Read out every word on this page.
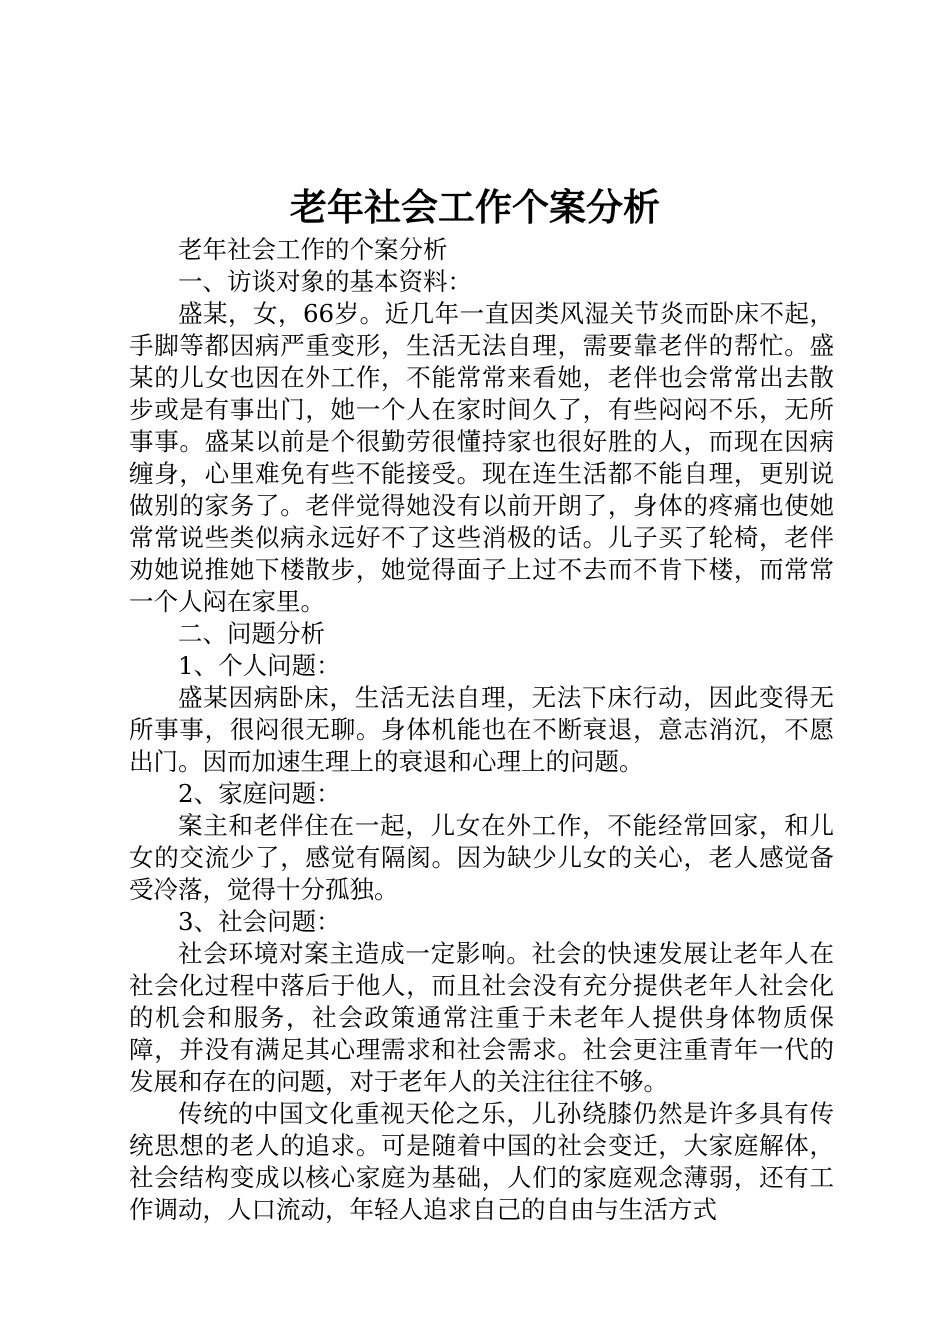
老年社会工作个案分析

老年社会工作的个案分析

一、访谈对象的基本资料：

盛某，女，66岁。近几年一直因类风湿关节炎而卧床不起，手脚等都因病严重变形，生活无法自理，需要靠老伴的帮忙。盛某的儿女也因在外工作，不能常常来看她，老伴也会常常出去散步或是有事出门，她一个人在家时间久了，有些闷闷不乐，无所事事。盛某以前是个很勤劳很懂持家也很好胜的人，而现在因病缠身，心里难免有些不能接受。现在连生活都不能自理，更别说做别的家务了。老伴觉得她没有以前开朗了，身体的疼痛也使她常常说些类似病永远好不了这些消极的话。儿子买了轮椅，老伴劝她说推她下楼散步，她觉得面子上过不去而不肯下楼，而常常一个人闷在家里。

二、问题分析

1、个人问题：

盛某因病卧床，生活无法自理，无法下床行动，因此变得无所事事，很闷很无聊。身体机能也在不断衰退，意志消沉，不愿出门。因而加速生理上的衰退和心理上的问题。

2、家庭问题：

案主和老伴住在一起，儿女在外工作，不能经常回家，和儿女的交流少了，感觉有隔阂。因为缺少儿女的关心，老人感觉备受冷落，觉得十分孤独。

3、社会问题：

社会环境对案主造成一定影响。社会的快速发展让老年人在社会化过程中落后于他人，而且社会没有充分提供老年人社会化的机会和服务，社会政策通常注重于未老年人提供身体物质保障，并没有满足其心理需求和社会需求。社会更注重青年一代的发展和存在的问题，对于老年人的关注往往不够。

传统的中国文化重视天伦之乐，儿孙绕膝仍然是许多具有传统思想的老人的追求。可是随着中国的社会变迁，大家庭解体，社会结构变成以核心家庭为基础，人们的家庭观念薄弱，还有工作调动，人口流动，年轻人追求自己的自由与生活方式
